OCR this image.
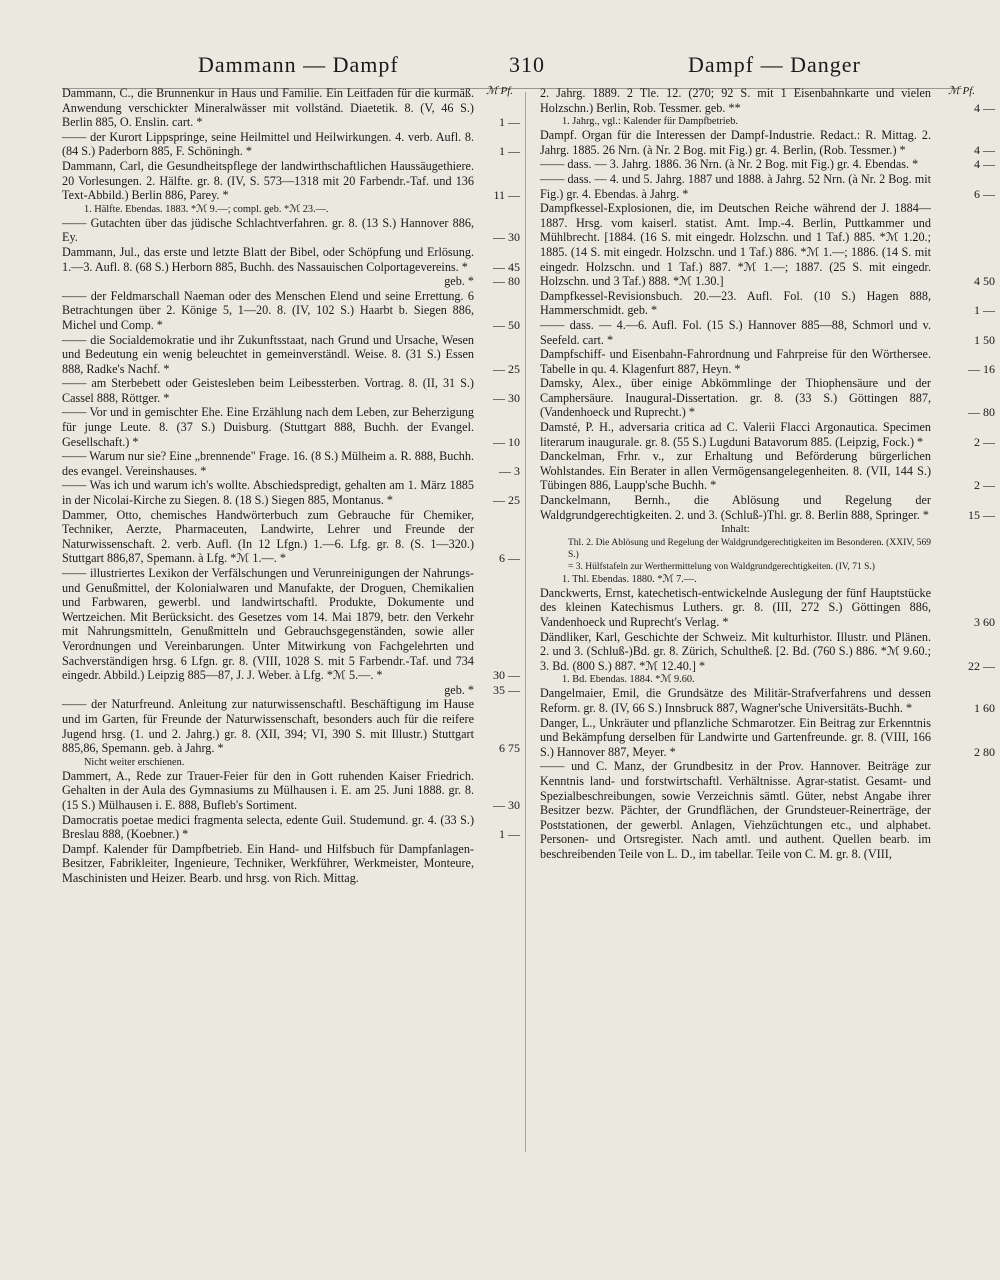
Dammann — Dampf	310	Dampf — Danger
ℳ Pf.	ℳ Pf.
Dammann, C., die Brunnenkur in Haus und Familie. Ein Leitfaden für die kurmäß. Anwendung verschickter Mineralwässer mit vollständ. Diaetetik. 8. (V, 46 S.) Berlin 885, O. Enslin. cart. *	1 —
—— der Kurort Lippspringe, seine Heilmittel und Heilwirkungen. 4. verb. Aufl. 8. (84 S.) Paderborn 885, F. Schöningh. *	1 —
Dammann, Carl, die Gesundheitspflege der landwirthschaftlichen Haussäugethiere. 20 Vorlesungen. 2. Hälfte. gr. 8. (IV, S. 573—1318 mit 20 Farbendr.-Taf. und 136 Text-Abbild.) Berlin 886, Parey. *	11 —
1. Hälfte. Ebendas. 1883. *ℳ 9.—; compl. geb. *ℳ 23.—.
—— Gutachten über das jüdische Schlachtverfahren. gr. 8. (13 S.) Hannover 886, Ey.	— 30
Dammann, Jul., das erste und letzte Blatt der Bibel, oder Schöpfung und Erlösung. 1.—3. Aufl. 8. (68 S.) Herborn 885, Buchh. des Nassauischen Colportagevereins. *	— 45
geb. * — 80
—— der Feldmarschall Naeman oder des Menschen Elend und seine Errettung. 6 Betrachtungen über 2. Könige 5, 1—20. 8. (IV, 102 S.) Haarbt b. Siegen 886, Michel und Comp. *	— 50
—— die Socialdemokratie und ihr Zukunftsstaat, nach Grund und Ursache, Wesen und Bedeutung ein wenig beleuchtet in gemeinverständl. Weise. 8. (31 S.) Essen 888, Radke's Nachf. *	— 25
—— am Sterbebett oder Geistesleben beim Leibessterben. Vortrag. 8. (II, 31 S.) Cassel 888, Röttger. *	— 30
—— Vor und in gemischter Ehe. Eine Erzählung nach dem Leben, zur Beherzigung für junge Leute. 8. (37 S.) Duisburg. (Stuttgart 888, Buchh. der Evangel. Gesellschaft.) *	— 10
—— Warum nur sie? Eine „brennende" Frage. 16. (8 S.) Mülheim a. R. 888, Buchh. des evangel. Vereinshauses. *	— 3
—— Was ich und warum ich's wollte. Abschiedspredigt, gehalten am 1. März 1885 in der Nicolai-Kirche zu Siegen. 8. (18 S.) Siegen 885, Montanus. *	— 25
Dammer, Otto, chemisches Handwörterbuch zum Gebrauche für Chemiker, Techniker, Aerzte, Pharmaceuten, Landwirte, Lehrer und Freunde der Naturwissenschaft. 2. verb. Aufl. (In 12 Lfgn.) 1.—6. Lfg. gr. 8. (S. 1—320.) Stuttgart 886,87, Spemann. à Lfg. *ℳ 1.—. *	6 —
—— illustriertes Lexikon der Verfälschungen und Verunreinigungen der Nahrungs- und Genußmittel, der Kolonialwaren und Manufakte, der Droguen, Chemikalien und Farbwaren, gewerbl. und landwirtschaftl. Produkte, Dokumente und Wertzeichen. Mit Berücksicht. des Gesetzes vom 14. Mai 1879, betr. den Verkehr mit Nahrungsmitteln, Genußmitteln und Gebrauchsgegenständen, sowie aller Verordnungen und Vereinbarungen. Unter Mitwirkung von Fachgelehrten und Sachverständigen hrsg. 6 Lfgn. gr. 8. (VIII, 1028 S. mit 5 Farbendr.-Taf. und 734 eingedr. Abbild.) Leipzig 885—87, J. J. Weber. à Lfg. *ℳ 5.—. *	30 —
geb. * 35 —
—— der Naturfreund. Anleitung zur naturwissenschaftl. Beschäftigung im Hause und im Garten, für Freunde der Naturwissenschaft, besonders auch für die reifere Jugend hrsg. (1. und 2. Jahrg.) gr. 8. (XII, 394; VI, 390 S. mit Illustr.) Stuttgart 885,86, Spemann. geb. à Jahrg. *	6 75
Nicht weiter erschienen.
Dammert, A., Rede zur Trauer-Feier für den in Gott ruhenden Kaiser Friedrich. Gehalten in der Aula des Gymnasiums zu Mülhausen i. E. am 25. Juni 1888. gr. 8. (15 S.) Mülhausen i. E. 888, Bufleb's Sortiment.	— 30
Damocratis poetae medici fragmenta selecta, edente Guil. Studemund. gr. 4. (33 S.) Breslau 888, (Koebner.) *	1 —
Dampf. Kalender für Dampfbetrieb. Ein Hand- und Hilfsbuch für Dampfanlagen-Besitzer, Fabrikleiter, Ingenieure, Techniker, Werkführer, Werkmeister, Monteure, Maschinisten und Heizer. Bearb. und hrsg. von Rich. Mittag.
2. Jahrg. 1889. 2 Tle. 12. (270; 92 S. mit 1 Eisenbahnkarte und vielen Holzschn.) Berlin, Rob. Tessmer. geb. **	4 —
1. Jahrg., vgl.: Kalender für Dampfbetrieb.
Dampf. Organ für die Interessen der Dampf-Industrie. Redact.: R. Mittag. 2. Jahrg. 1885. 26 Nrn. (à Nr. 2 Bog. mit Fig.) gr. 4. Berlin, (Rob. Tessmer.) *	4 —
—— dass. — 3. Jahrg. 1886. 36 Nrn. (à Nr. 2 Bog. mit Fig.) gr. 4. Ebendas. *	4 —
—— dass. — 4. und 5. Jahrg. 1887 und 1888. à Jahrg. 52 Nrn. (à Nr. 2 Bog. mit Fig.) gr. 4. Ebendas. à Jahrg. *	6 —
Dampfkessel-Explosionen, die, im Deutschen Reiche während der J. 1884—1887. Hrsg. vom kaiserl. statist. Amt. Imp.-4. Berlin, Puttkammer und Mühlbrecht. [1884. (16 S. mit eingedr. Holzschn. und 1 Taf.) 885. *ℳ 1.20.; 1885. (14 S. mit eingedr. Holzschn. und 1 Taf.) 886. *ℳ 1.—; 1886. (14 S. mit eingedr. Holzschn. und 1 Taf.) 887. *ℳ 1.—; 1887. (25 S. mit eingedr. Holzschn. und 3 Taf.) 888. *ℳ 1.30.]	4 50
Dampfkessel-Revisionsbuch. 20.—23. Aufl. Fol. (10 S.) Hagen 888, Hammerschmidt. geb. *	1 —
—— dass. — 4.—6. Aufl. Fol. (15 S.) Hannover 885—88, Schmorl und v. Seefeld. cart. *	1 50
Dampfschiff- und Eisenbahn-Fahrordnung und Fahrpreise für den Wörthersee. Tabelle in qu. 4. Klagenfurt 887, Heyn. *	— 16
Damsky, Alex., über einige Abkömmlinge der Thiophensäure und der Camphersäure. Inaugural-Dissertation. gr. 8. (33 S.) Göttingen 887, (Vandenhoeck und Ruprecht.) *	— 80
Damsté, P. H., adversaria critica ad C. Valerii Flacci Argonautica. Specimen literarum inaugurale. gr. 8. (55 S.) Lugduni Batavorum 885. (Leipzig, Fock.) *	2 —
Danckelman, Frhr. v., zur Erhaltung und Beförderung bürgerlichen Wohlstandes. Ein Berater in allen Vermögensangelegenheiten. 8. (VII, 144 S.) Tübingen 886, Laupp'sche Buchh. *	2 —
Danckelmann, Bernh., die Ablösung und Regelung der Waldgrundgerechtigkeiten. 2. und 3. (Schluß-)Thl. gr. 8. Berlin 888, Springer. *	15 —
Inhalt:
Thl. 2. Die Ablösung und Regelung der Waldgrundgerechtigkeiten im Besonderen. (XXIV, 569 S.)
= 3. Hülfstafeln zur Werthermittelung von Waldgrundgerechtigkeiten. (IV, 71 S.)
1. Thl. Ebendas. 1880. *ℳ 7.—.
Danckwerts, Ernst, katechetisch-entwickelnde Auslegung der fünf Hauptstücke des kleinen Katechismus Luthers. gr. 8. (III, 272 S.) Göttingen 886, Vandenhoeck und Ruprecht's Verlag. *	3 60
Dändliker, Karl, Geschichte der Schweiz. Mit kulturhistor. Illustr. und Plänen. 2. und 3. (Schluß-)Bd. gr. 8. Zürich, Schultheß. [2. Bd. (760 S.) 886. *ℳ 9.60.; 3. Bd. (800 S.) 887. *ℳ 12.40.] *	22 —
1. Bd. Ebendas. 1884. *ℳ 9.60.
Dangelmaier, Emil, die Grundsätze des Militär-Strafverfahrens und dessen Reform. gr. 8. (IV, 66 S.) Innsbruck 887, Wagner'sche Universitäts-Buchh. *	1 60
Danger, L., Unkräuter und pflanzliche Schmarotzer. Ein Beitrag zur Erkenntnis und Bekämpfung derselben für Landwirte und Gartenfreunde. gr. 8. (VIII, 166 S.) Hannover 887, Meyer. *	2 80
—— und C. Manz, der Grundbesitz in der Prov. Hannover. Beiträge zur Kenntnis land- und forstwirtschaftl. Verhältnisse. Agrar-statist. Gesamt- und Spezialbeschreibungen, sowie Verzeichnis sämtl. Güter, nebst Angabe ihrer Besitzer bezw. Pächter, der Grundflächen, der Grundsteuer-Reinerträge, der Poststationen, der gewerbl. Anlagen, Viehzüchtungen etc., und alphabet. Personen- und Ortsregister. Nach amtl. und authent. Quellen bearb. im beschreibenden Teile von L. D., im tabellar. Teile von C. M. gr. 8. (VIII,
